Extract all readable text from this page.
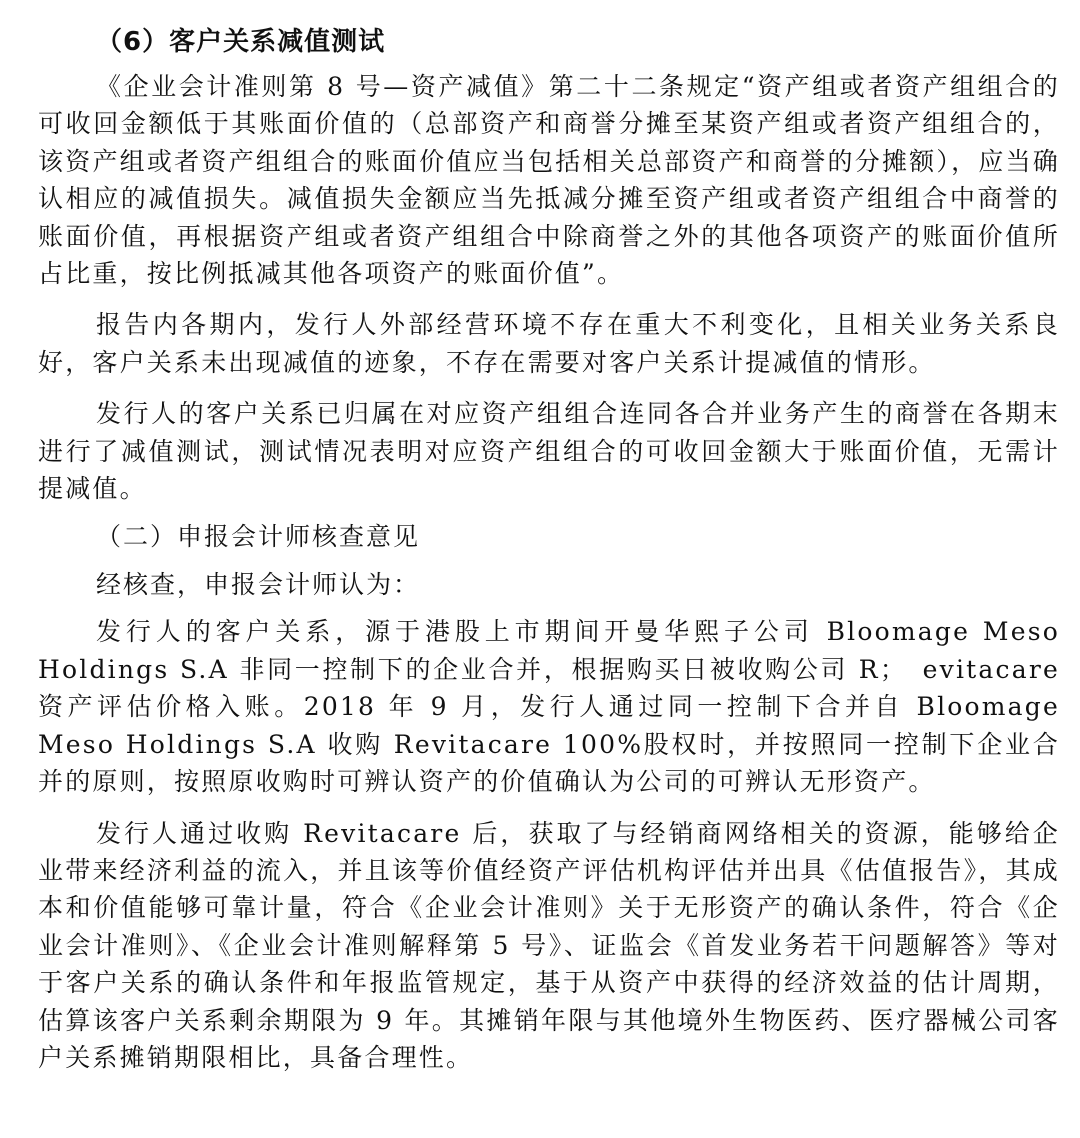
（6）客户关系减值测试

《企业会计准则第 8 号—资产减值》第二十二条规定“资产组或者资产组组合的可收回金额低于其账面价值的（总部资产和商誉分摊至某资产组或者资产组组合的，该资产组或者资产组组合的账面价值应当包括相关总部资产和商誉的分摊额），应当确认相应的减值损失。减值损失金额应当先抵减分摊至资产组或者资产组组合中商誉的账面价值，再根据资产组或者资产组组合中除商誉之外的其他各项资产的账面价值所占比重，按比例抵减其他各项资产的账面价值”。

报告内各期内，发行人外部经营环境不存在重大不利变化，且相关业务关系良好，客户关系未出现减值的迹象，不存在需要对客户关系计提减值的情形。

发行人的客户关系已归属在对应资产组组合连同各合并业务产生的商誉在各期末进行了减值测试，测试情况表明对应资产组组合的可收回金额大于账面价值，无需计提减值。

（二）申报会计师核查意见
经核查，申报会计师认为：

发行人的客户关系，源于港股上市期间开曼华熙子公司 Bloomage Meso Holdings S.A 非同一控制下的企业合并，根据购买日被收购公司 R；　evitacare 资产评估价格入账。2018 年 9 月，发行人通过同一控制下合并自 Bloomage Meso Holdings S.A 收购 Revitacare 100%股权时，并按照同一控制下企业合并的原则，按照原收购时可辨认资产的价值确认为公司的可辨认无形资产。

发行人通过收购 Revitacare 后，获取了与经销商网络相关的资源，能够给企业带来经济利益的流入，并且该等价值经资产评估机构评估并出具《估值报告》，其成本和价值能够可靠计量，符合《企业会计准则》关于无形资产的确认条件，符合《企业会计准则》、《企业会计准则解释第 5 号》、证监会《首发业务若干问题解答》等对于客户关系的确认条件和年报监管规定，基于从资产中获得的经济效益的估计周期，估算该客户关系剩余期限为 9 年。其摊销年限与其他境外生物医药、医疗器械公司客户关系摊销期限相比，具备合理性。
